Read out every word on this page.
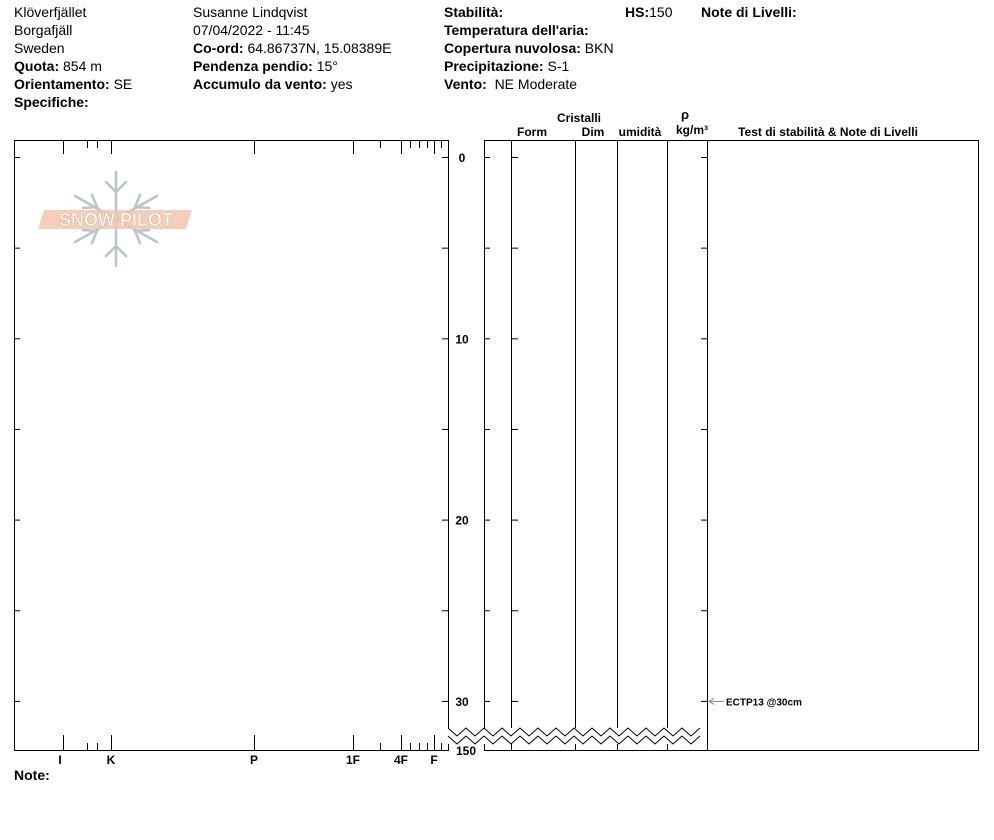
Klöverfjället
Borgafjäll
Sweden
Quota: 854 m
Orientamento: SE
Specifiche:
Susanne Lindqvist
07/04/2022 - 11:45
Co-ord: 64.86737N, 15.08389E
Pendenza pendio: 15°
Accumulo da vento: yes
Stabilità:
Temperatura dell'aria:
Copertura nuvolosa: BKN
Precipitazione: S-1
Vento: NE Moderate
HS:150 Note di Livelli:
SNOW PILOT
Cristalli
Form	Dim umidità
ρ
kg/m³	Test di stabilità & Note di Livelli
0
10
20
30
I	K	P	1F	4F F
ECTP13 @30cm
150
Note:
